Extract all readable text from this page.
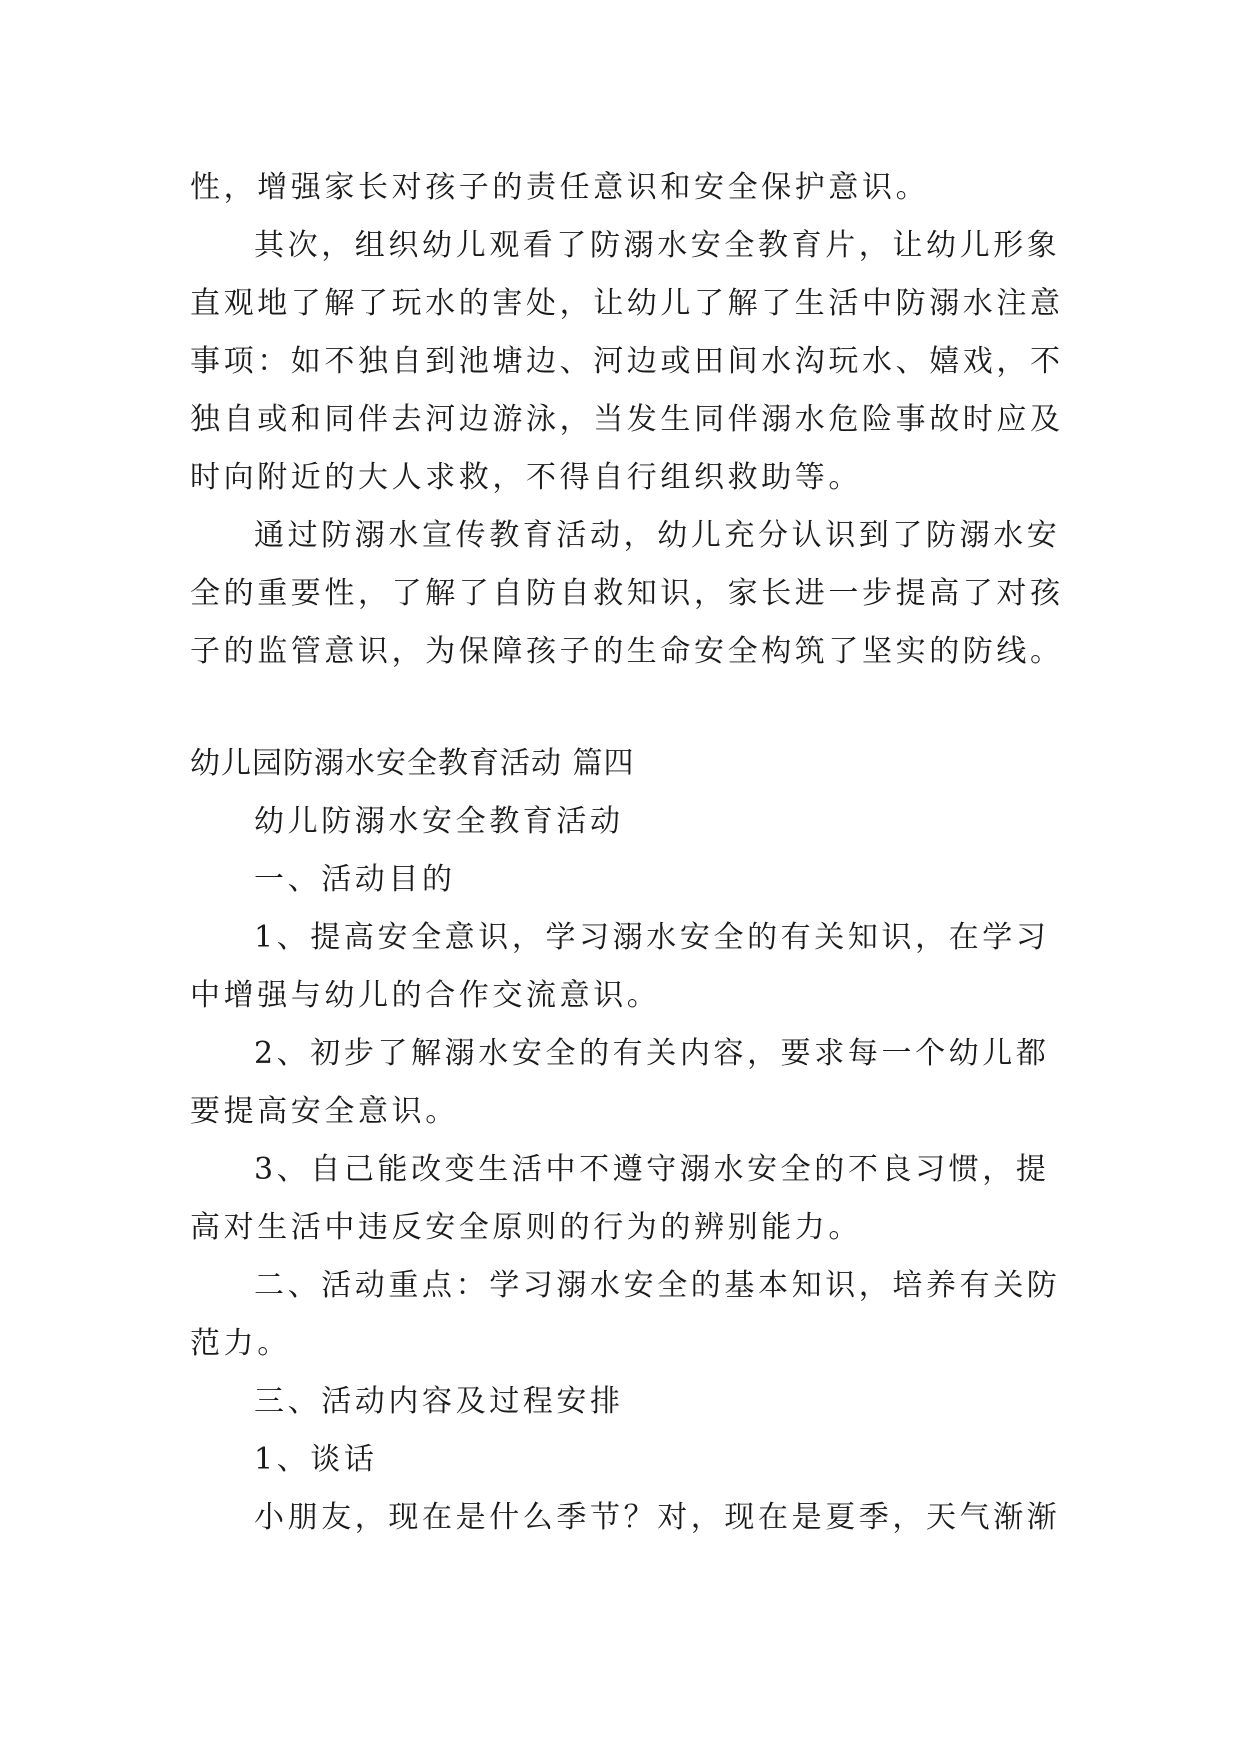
性，增强家长对孩子的责任意识和安全保护意识。

其次，组织幼儿观看了防溺水安全教育片，让幼儿形象

直观地了解了玩水的害处，让幼儿了解了生活中防溺水注意

事项：如不独自到池塘边、河边或田间水沟玩水、嬉戏，不

独自或和同伴去河边游泳，当发生同伴溺水危险事故时应及

时向附近的大人求救，不得自行组织救助等。

通过防溺水宣传教育活动，幼儿充分认识到了防溺水安

全的重要性，了解了自防自救知识，家长进一步提高了对孩

子的监管意识，为保障孩子的生命安全构筑了坚实的防线。

幼儿园防溺水安全教育活动 篇四

幼儿防溺水安全教育活动

一、活动目的

1、提高安全意识，学习溺水安全的有关知识，在学习

中增强与幼儿的合作交流意识。

2、初步了解溺水安全的有关内容，要求每一个幼儿都

要提高安全意识。

3、自己能改变生活中不遵守溺水安全的不良习惯，提

高对生活中违反安全原则的行为的辨别能力。

二、活动重点：学习溺水安全的基本知识，培养有关防

范力。

三、活动内容及过程安排

1、谈话

小朋友，现在是什么季节？对，现在是夏季，天气渐渐
